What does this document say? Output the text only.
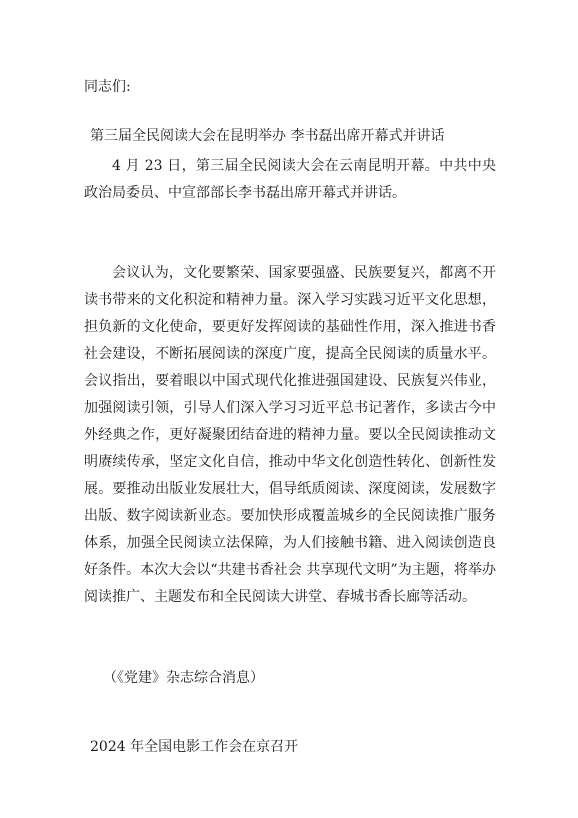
同志们:
第三届全民阅读大会在昆明举办 李书磊出席开幕式并讲话

4 月 23 日，第三届全民阅读大会在云南昆明开幕。中共中央政治局委员、中宣部部长李书磊出席开幕式并讲话。

会议认为，文化要繁荣、国家要强盛、民族要复兴，都离不开读书带来的文化积淀和精神力量。深入学习实践习近平文化思想，担负新的文化使命，要更好发挥阅读的基础性作用，深入推进书香社会建设，不断拓展阅读的深度广度，提高全民阅读的质量水平。会议指出，要着眼以中国式现代化推进强国建设、民族复兴伟业，加强阅读引领，引导人们深入学习习近平总书记著作，多读古今中外经典之作，更好凝聚团结奋进的精神力量。要以全民阅读推动文明赓续传承，坚定文化自信，推动中华文化创造性转化、创新性发展。要推动出版业发展壮大，倡导纸质阅读、深度阅读，发展数字出版、数字阅读新业态。要加快形成覆盖城乡的全民阅读推广服务体系，加强全民阅读立法保障，为人们接触书籍、进入阅读创造良好条件。本次大会以“共建书香社会 共享现代文明”为主题，将举办阅读推广、主题发布和全民阅读大讲堂、春城书香长廊等活动。

（《党建》杂志综合消息）
2024 年全国电影工作会在京召开
